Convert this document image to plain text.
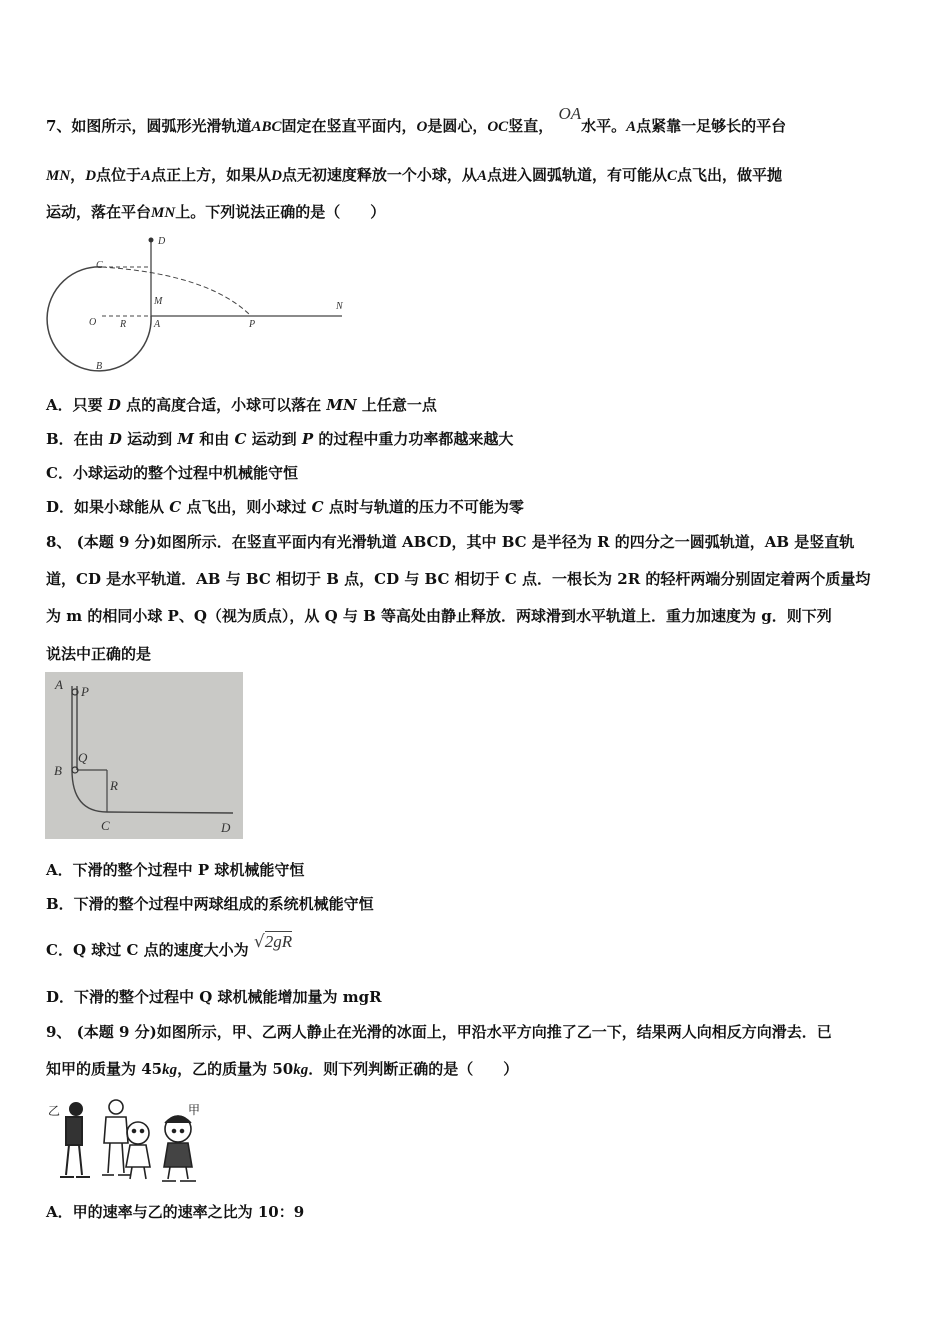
7、如图所示，圆弧形光滑轨道ABC固定在竖直平面内，O是圆心，OC竖直， OA水平。A点紧靠一足够长的平台
MN，D点位于A点正上方，如果从D点无初速度释放一个小球，从A点进入圆弧轨道，有可能从C点飞出，做平抛
运动，落在平台MN上。下列说法正确的是（　　）
D
C
M	N
O R	A	P
B
A．只要 D 点的高度合适，小球可以落在 MN 上任意一点
B．在由 D 运动到 M 和由 C 运动到 P 的过程中重力功率都越来越大
C．小球运动的整个过程中机械能守恒
D．如果小球能从 C 点飞出，则小球过 C 点时与轨道的压力不可能为零
8、 (本题 9 分)如图所示．在竖直平面内有光滑轨道 ABCD，其中 BC 是半径为 R 的四分之一圆弧轨道，AB 是竖直轨
道，CD 是水平轨道．AB 与 BC 相切于 B 点，CD 与 BC 相切于 C 点．一根长为 2R 的轻杆两端分别固定着两个质量均
为 m 的相同小球 P、Q（视为质点），从 Q 与 B 等高处由静止释放．两球滑到水平轨道上．重力加速度为 g．则下列
说法中正确的是
A P
Q
B
R
C	D
A．下滑的整个过程中 P 球机械能守恒
B．下滑的整个过程中两球组成的系统机械能守恒
C．Q 球过 C 点的速度大小为 √2gR
D．下滑的整个过程中 Q 球机械能增加量为 mgR
9、 (本题 9 分)如图所示，甲、乙两人静止在光滑的冰面上，甲沿水平方向推了乙一下，结果两人向相反方向滑去．已
知甲的质量为 45kg，乙的质量为 50kg．则下列判断正确的是（　　）
乙	甲
A．甲的速率与乙的速率之比为 10：9
